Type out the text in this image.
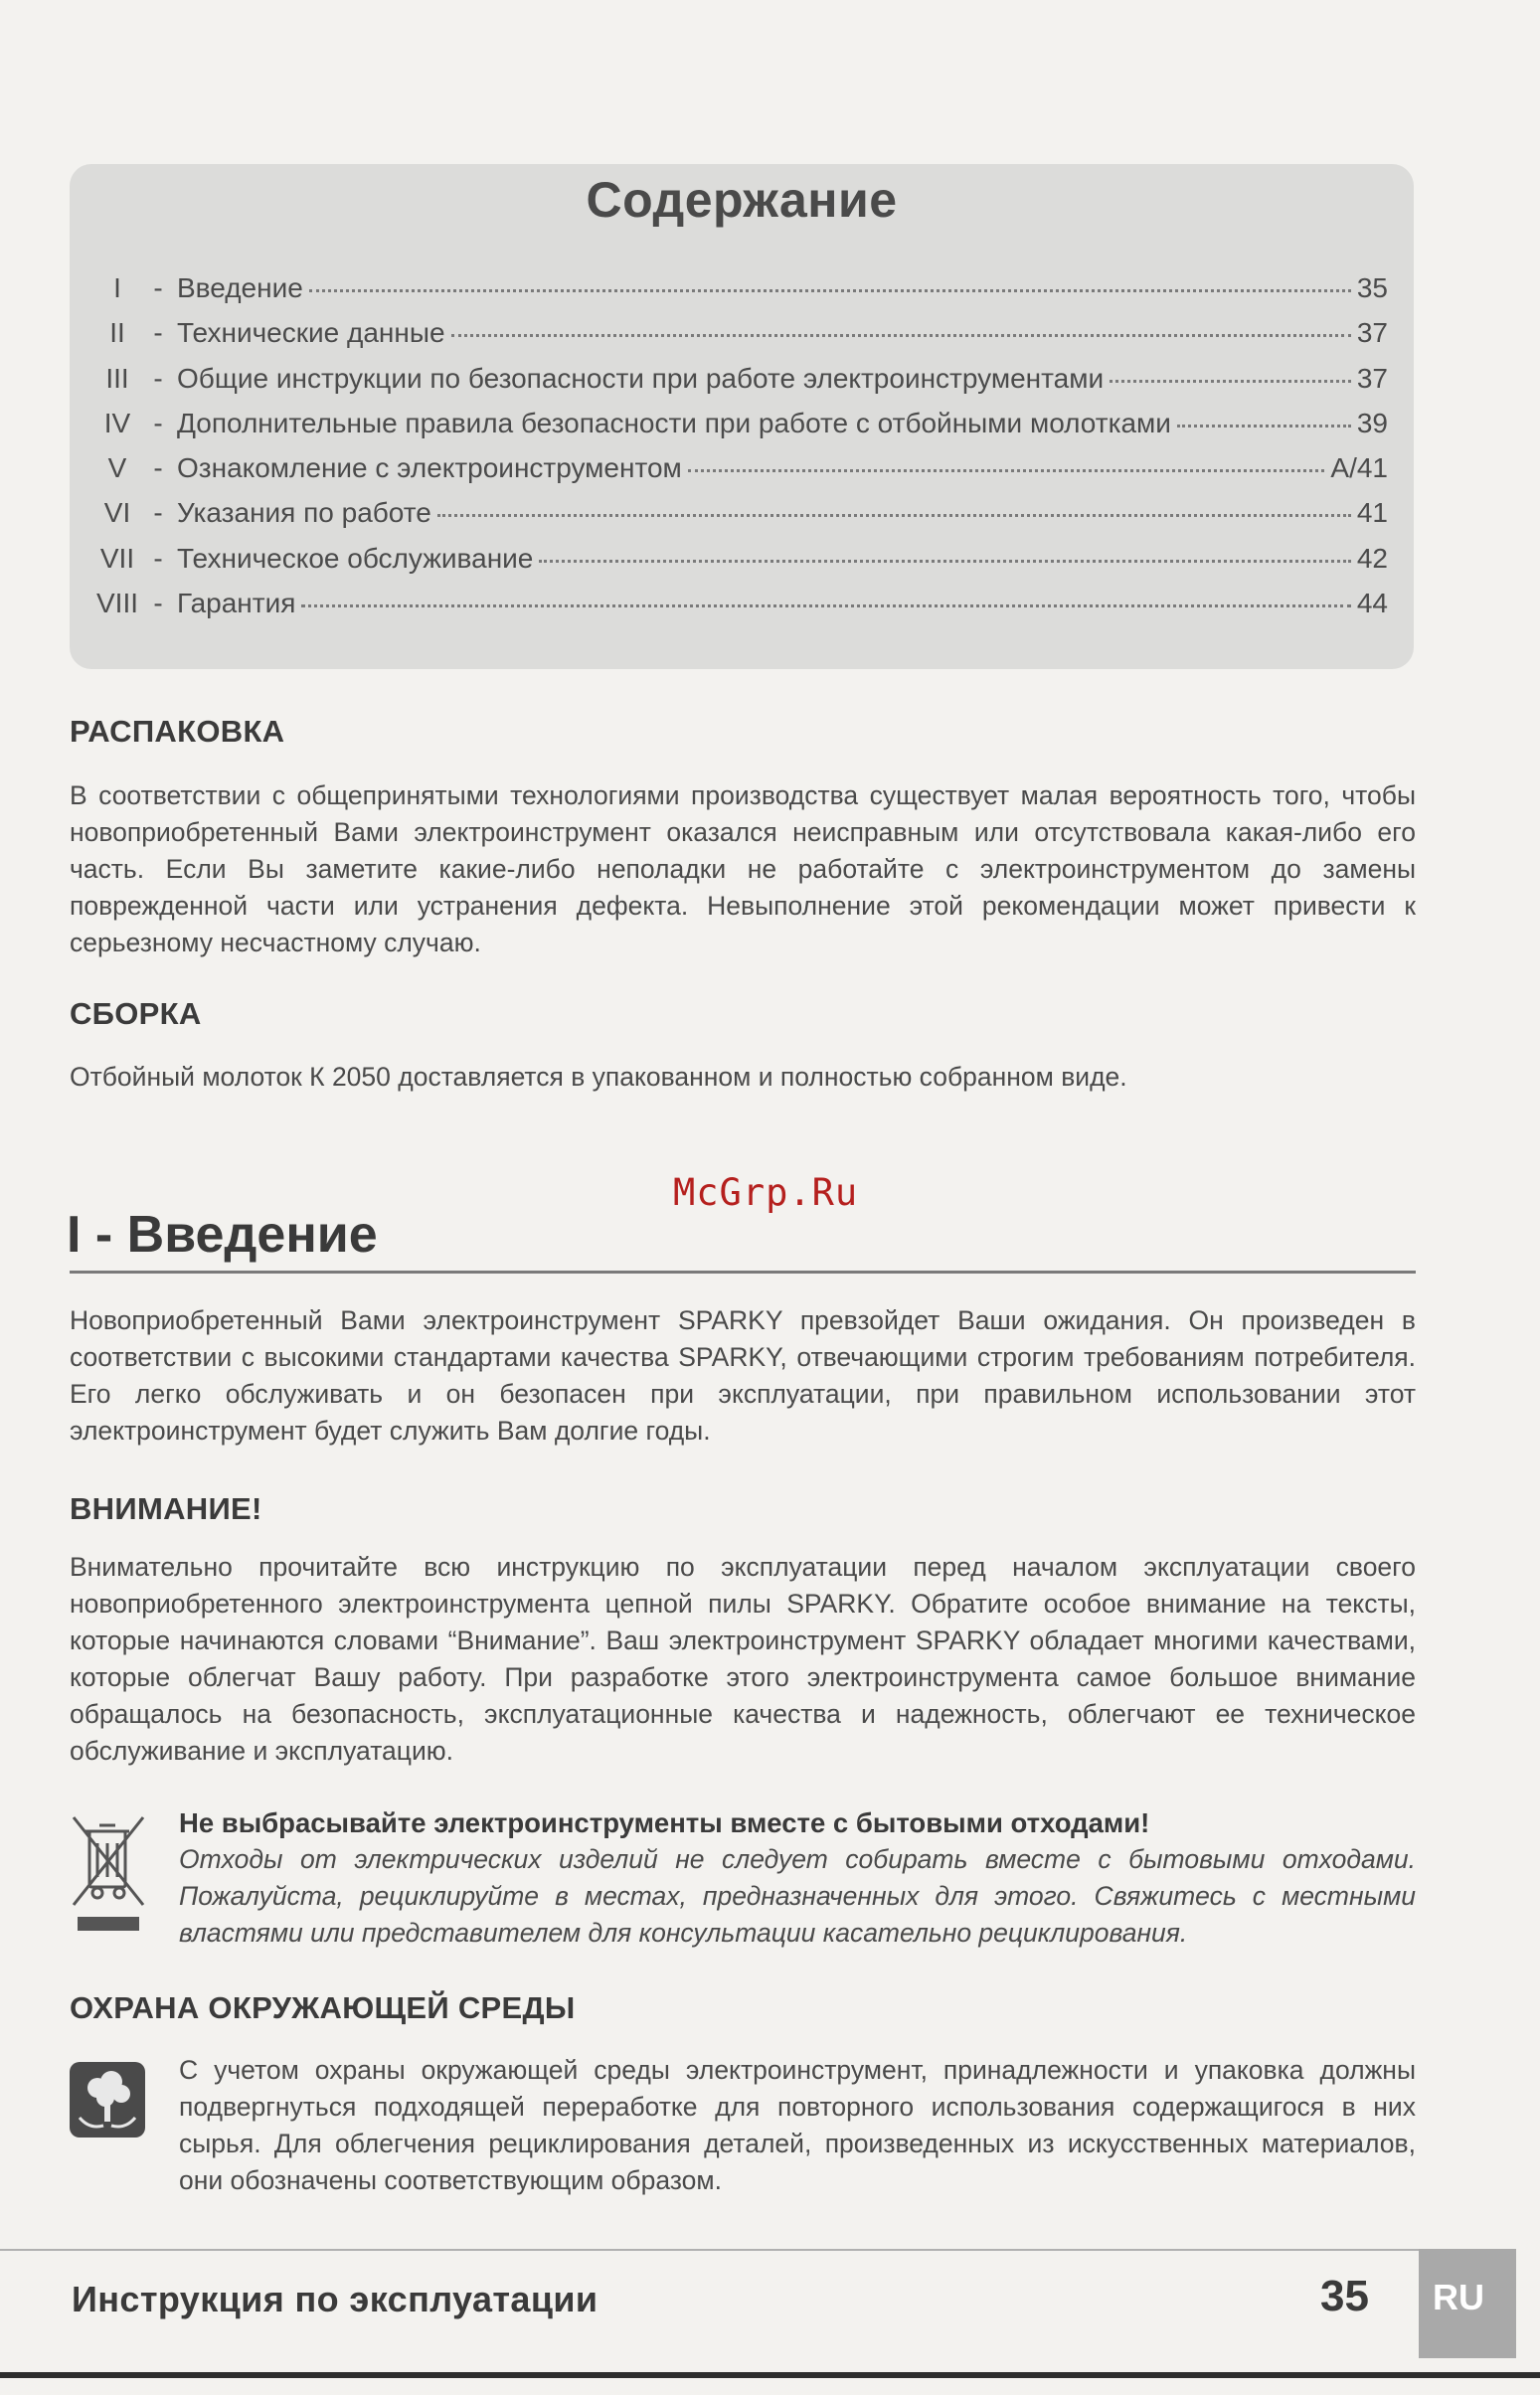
Содержание
I	- Введение	35
II	- Технические данные	37
III - Общие инструкции по безопасности при работе электроинструментами	37
IV - Дополнительные правила безопасности при работе с отбойными молотками	39
V - Ознакомление с электроинструментом	A/41
VI - Указания по работе	41
VII - Техническое обслуживание	42
VIII - Гарантия	44
РАСПАКОВКА
В соответствии с общепринятыми технологиями производства существует малая вероятность того, чтобы новоприобретенный Вами электроинструмент оказался неисправным или отсутствовала какая-либо его часть. Если Вы заметите какие-либо неполадки не работайте с электроинструментом до замены поврежденной части или устранения дефекта. Невыполнение этой рекомендации может привести к серьезному несчастному случаю.
СБОРКА
Отбойный молоток К 2050 доставляется в упакованном и полностью собранном виде.
McGrp.Ru
I - Введение
Новоприобретенный Вами электроинструмент SPARKY превзойдет Ваши ожидания. Он произведен в соответствии с высокими стандартами качества SPARKY, отвечающими строгим требованиям потребителя. Его легко обслуживать и он безопасен при эксплуатации, при правильном использовании этот электроинструмент будет служить Вам долгие годы.
ВНИМАНИЕ!
Внимательно прочитайте всю инструкцию по эксплуатации перед началом эксплуатации своего новоприобретенного электроинструмента цепной пилы SPARKY. Обратите особое внимание на тексты, которые начинаются словами “Внимание”. Ваш электроинструмент SPARKY обладает многими качествами, которые облегчат Вашу работу. При разработке этого электроинструмента самое большое внимание обращалось на безопасность, эксплуатационные качества и надежность, облегчают ее техническое обслуживание и эксплуатацию.
Не выбрасывайте электроинструменты вместе с бытовыми отходами!
Отходы от электрических изделий не следует собирать вместе с бытовыми отходами. Пожалуйста, рециклируйте в местах, предназначенных для этого. Свяжитесь с местными властями или представителем для консультации касательно рециклирования.
ОХРАНА ОКРУЖАЮЩЕЙ СРЕДЫ
С учетом охраны окружающей среды электроинструмент, принадлежности и упаковка должны подвергнуться подходящей переработке для повторного использования содержащигося в них сырья. Для облегчения рециклирования деталей, произведенных из искусственных материалов, они обозначены соответствующим образом.
Инструкция по эксплуатации	35	RU
